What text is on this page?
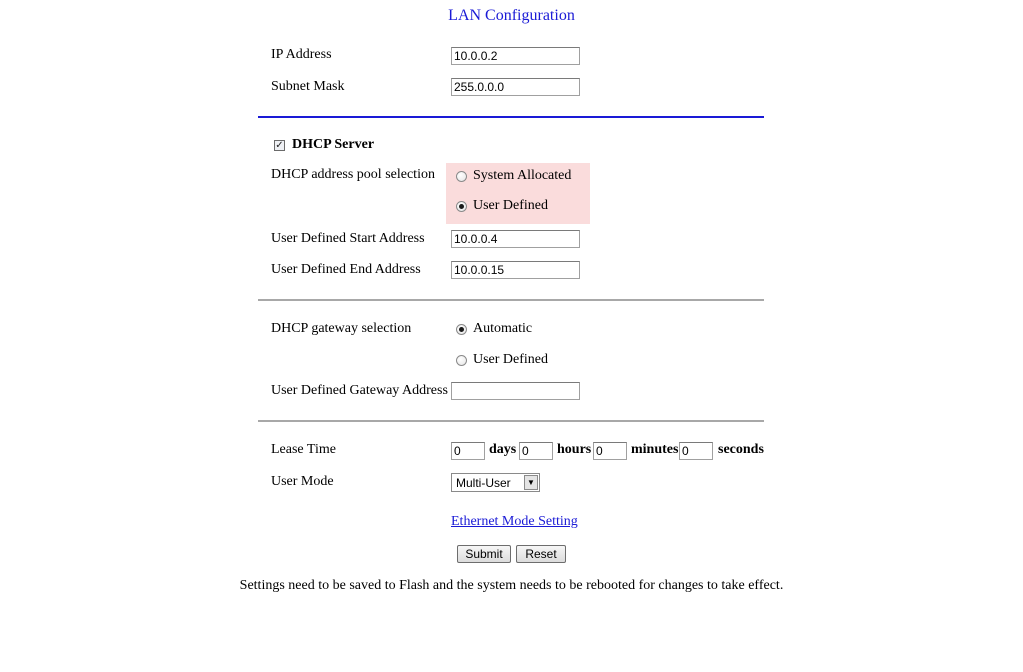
LAN Configuration
IP Address	10.0.0.2
Subnet Mask	255.0.0.0
✓ DHCP Server
DHCP address pool selection	System Allocated
User Defined
User Defined Start Address 10.0.0.4
User Defined End Address	10.0.0.15
DHCP gateway selection	Automatic
User Defined
User Defined Gateway Address
Lease Time	0	days 0	hours 0	minutes 0	seconds
User Mode	Multi-User	▼
Ethernet Mode Setting
Submit	Reset
Settings need to be saved to Flash and the system needs to be rebooted for changes to take effect.
